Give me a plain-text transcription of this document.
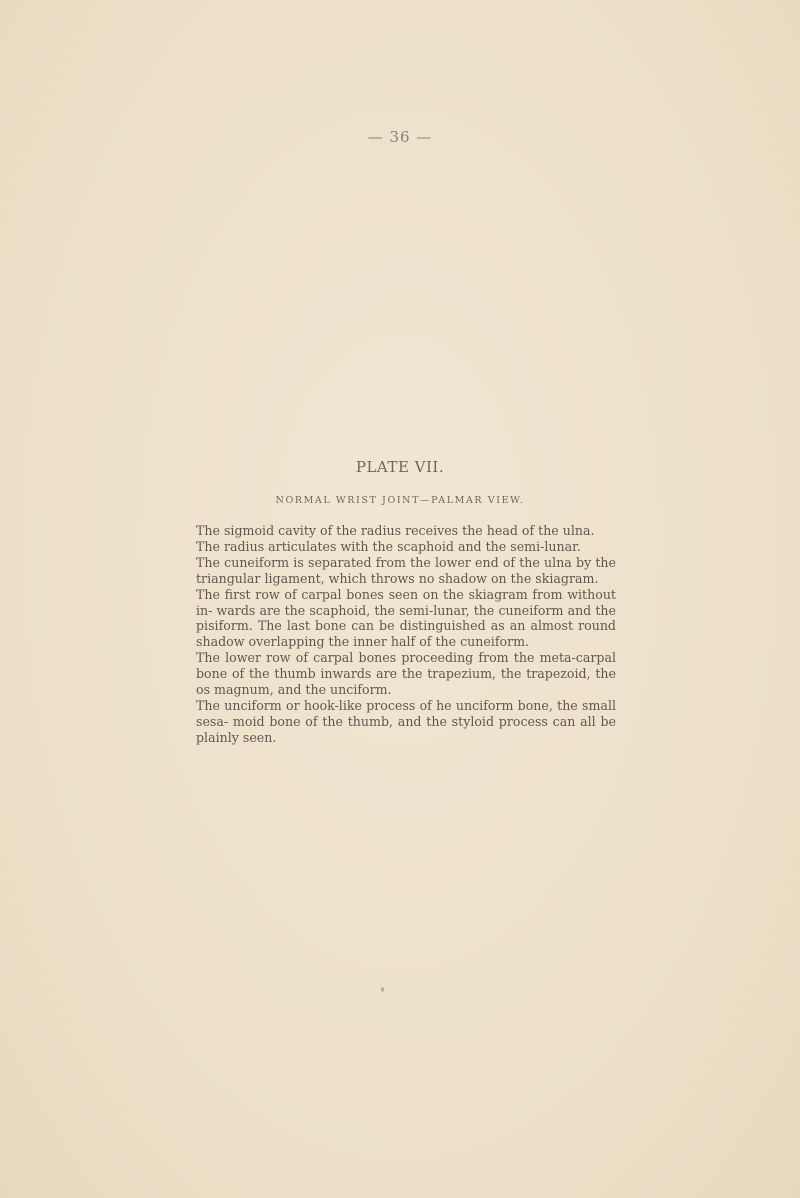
— 36 —
PLATE VII.
NORMAL WRIST JOINT—PALMAR VIEW.

The sigmoid cavity of the radius receives the head of the ulna.

The radius articulates with the scaphoid and the semi-lunar.

The cuneiform is separated from the lower end of the ulna by the triangular ligament, which throws no shadow on the skiagram.

The first row of carpal bones seen on the skiagram from without in- wards are the scaphoid, the semi-lunar, the cuneiform and the pisiform. The last bone can be distinguished as an almost round shadow overlapping the inner half of the cuneiform.

The lower row of carpal bones proceeding from the meta-carpal bone of the thumb inwards are the trapezium, the trapezoid, the os magnum, and the unciform.

The unciform or hook-like process of he unciform bone, the small sesa- moid bone of the thumb, and the styloid process can all be plainly seen.
